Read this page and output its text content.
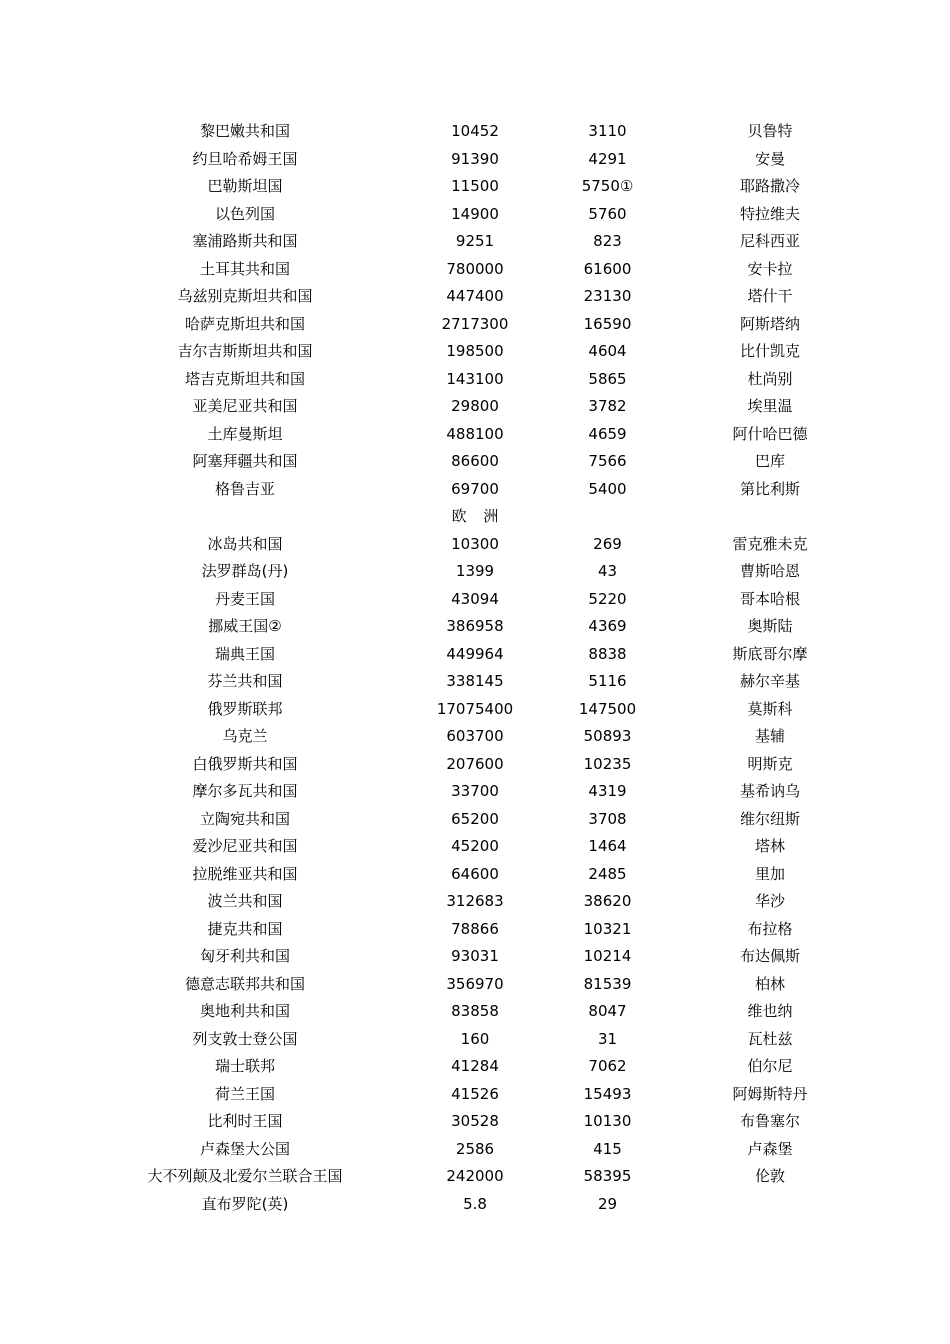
黎巴嫩共和国	10452	3110	贝鲁特
约旦哈希姆王国	91390	4291	安曼
巴勒斯坦国	11500	5750①	耶路撒冷
以色列国	14900	5760	特拉维夫
塞浦路斯共和国	9251	823	尼科西亚
土耳其共和国	780000	61600	安卡拉
乌兹别克斯坦共和国	447400	23130	塔什干
哈萨克斯坦共和国	2717300	16590	阿斯塔纳
吉尔吉斯斯坦共和国	198500	4604	比什凯克
塔吉克斯坦共和国	143100	5865	杜尚别
亚美尼亚共和国	29800	3782	埃里温
土库曼斯坦	488100	4659	阿什哈巴德
阿塞拜疆共和国	86600	7566	巴库
格鲁吉亚	69700	5400	第比利斯
欧 洲
冰岛共和国	10300	269	雷克雅未克
法罗群岛(丹)	1399	43	曹斯哈恩
丹麦王国	43094	5220	哥本哈根
挪威王国②	386958	4369	奥斯陆
瑞典王国	449964	8838	斯底哥尔摩
芬兰共和国	338145	5116	赫尔辛基
俄罗斯联邦	17075400	147500	莫斯科
乌克兰	603700	50893	基辅
白俄罗斯共和国	207600	10235	明斯克
摩尔多瓦共和国	33700	4319	基希讷乌
立陶宛共和国	65200	3708	维尔纽斯
爱沙尼亚共和国	45200	1464	塔林
拉脱维亚共和国	64600	2485	里加
波兰共和国	312683	38620	华沙
捷克共和国	78866	10321	布拉格
匈牙利共和国	93031	10214	布达佩斯
德意志联邦共和国	356970	81539	柏林
奥地利共和国	83858	8047	维也纳
列支敦士登公国	160	31	瓦杜兹
瑞士联邦	41284	7062	伯尔尼
荷兰王国	41526	15493	阿姆斯特丹
比利时王国	30528	10130	布鲁塞尔
卢森堡大公国	2586	415	卢森堡
大不列颠及北爱尔兰联合王国	242000	58395	伦敦
直布罗陀(英)	5.8	29
